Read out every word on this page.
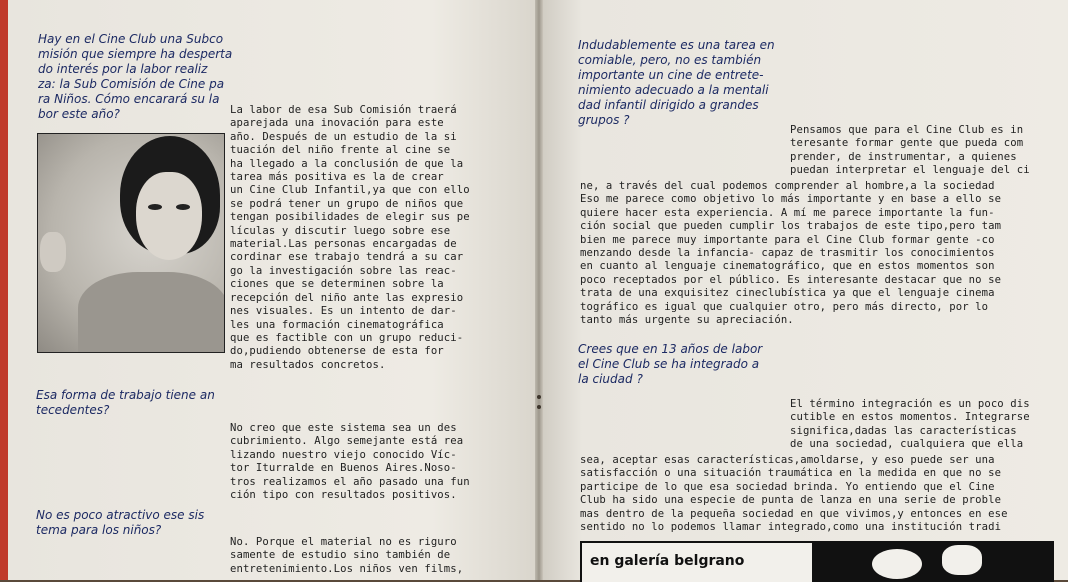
Hay en el Cine Club una Subco
misión que siempre ha desperta
do interés por la labor realiz
za: la Sub Comisión de Cine pa
ra Niños. Cómo encarará su la
bor este año?	La labor de esa Sub Comisión traerá
aparejada una inovación para este
año. Después de un estudio de la si
tuación del niño frente al cine se
ha llegado a la conclusión de que la
tarea más positiva es la de crear
un Cine Club Infantil,ya que con ello
se podrá tener un grupo de niños que
tengan posibilidades de elegir sus pe
lículas y discutir luego sobre ese
material.Las personas encargadas de
cordinar ese trabajo tendrá a su car
go la investigación sobre las reac-
ciones que se determinen sobre la
recepción del niño ante las expresio
nes visuales. Es un intento de dar-
les una formación cinematográfica
que es factible con un grupo reduci-
do,pudiendo obtenerse de esta for
ma resultados concretos.
Esa forma de trabajo tiene an
tecedentes?
No creo que este sistema sea un des
cubrimiento. Algo semejante está rea
lizando nuestro viejo conocido Víc-
tor Iturralde en Buenos Aires.Noso-
tros realizamos el año pasado una fun
ción tipo con resultados positivos.
No es poco atractivo ese sis
tema para los niños?
No. Porque el material no es riguro
samente de estudio sino también de
entretenimiento.Los niños ven films,
Indudablemente es una tarea en
comiable, pero, no es también
importante un cine de entrete-
nimiento adecuado a la mentali
dad infantil dirigido a grandes
grupos ?
Pensamos que para el Cine Club es in
teresante formar gente que pueda com
prender, de instrumentar, a quienes
puedan interpretar el lenguaje del ci
ne, a través del cual podemos comprender al hombre,a la sociedad
Eso me parece como objetivo lo más importante y en base a ello se
quiere hacer esta experiencia. A mí me parece importante la fun-
ción social que pueden cumplir los trabajos de este tipo,pero tam
bien me parece muy importante para el Cine Club formar gente -co
menzando desde la infancia- capaz de trasmitir los conocimientos
en cuanto al lenguaje cinematográfico, que en estos momentos son
poco receptados por el público. Es interesante destacar que no se
trata de una exquisitez cineclubística ya que el lenguaje cinema
tográfico es igual que cualquier otro, pero más directo, por lo
tanto más urgente su apreciación.
Crees que en 13 años de labor
el Cine Club se ha integrado a
la ciudad ?
El término integración es un poco dis
cutible en estos momentos. Integrarse
significa,dadas las características
de una sociedad, cualquiera que ella
sea, aceptar esas características,amoldarse, y eso puede ser una
satisfacción o una situación traumática en la medida en que no se
participe de lo que esa sociedad brinda. Yo entiendo que el Cine
Club ha sido una especie de punta de lanza en una serie de proble
mas dentro de la pequeña sociedad en que vivimos,y entonces en ese
sentido no lo podemos llamar integrado,como una institución tradi
en galería belgrano
